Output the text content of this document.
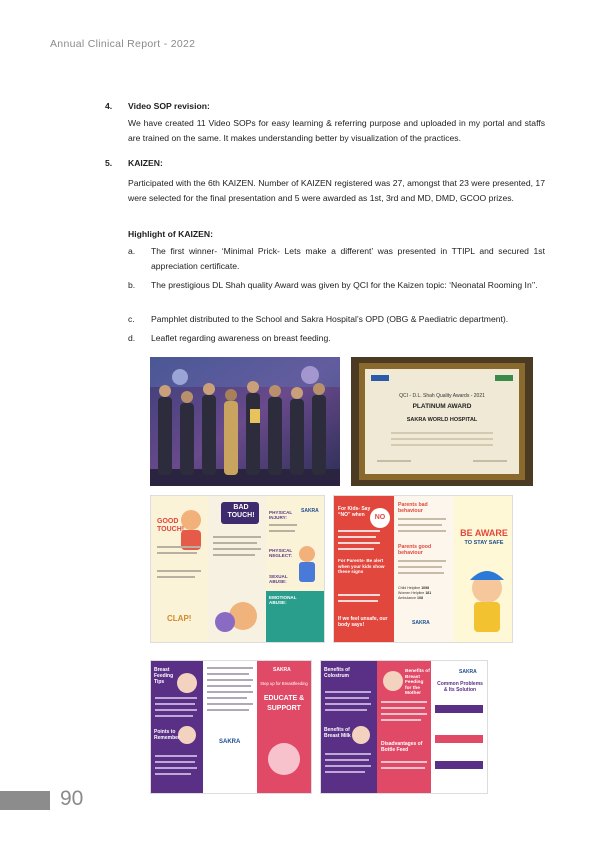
Annual Clinical Report - 2022
4.	Video SOP revision:
We have created 11 Video SOPs for easy learning & referring purpose and uploaded in my portal and staffs are trained on the same. It makes understanding better by visualization of the practices.
5.	KAIZEN:
Participated with the 6th KAIZEN. Number of KAIZEN registered was 27, amongst that 23 were presented, 17 were selected for the final presentation and 5 were awarded as 1st, 3rd and MD, DMD, GCOO prizes.
Highlight of KAIZEN:
a. The first winner- ‘Minimal Prick- Lets make a different’ was presented in TTIPL and secured 1st appreciation certificate.
b. The prestigious DL Shah quality Award was given by QCI for the Kaizen topic: ‘Neonatal Rooming In’’.
c. Pamphlet distributed to the School and Sakra Hospital’s OPD (OBG & Paediatric department).
d. Leaflet regarding awareness on breast feeding.
QCI - D.L. Shah Quality Awards - 2021
PLATINUM AWARD
SAKRA WORLD HOSPITAL
GOOD TOUCH!
BAD TOUCH!
CLAP!
PHYSICAL INJURY:
PHYSICAL NEGLECT:
SEXUAL ABUSE:
EMOTIONAL ABUSE:
SAKRA	For Kids- Say “NO” when	NO
For Parents- Be alert when your kids show these signs
If we feel unsafe, our body says!
Parents bad behaviour
Parents good behaviour
Child Helpline 1098
Women Helpline 181
Ambulance 108
SAKRA
BE AWARE
TO STAY SAFE
Breast Feeding Tips
Points to Remember
SAKRA
Step up for Breastfeeding
EDUCATE &
SUPPORT
SAKRA	Benefits of Colostrum
Benefits of Breast Milk
Benefits of Breast Feeding for the Mother
Disadvantages of Bottle Feed
SAKRA
Common Problems & Its Solution
90
